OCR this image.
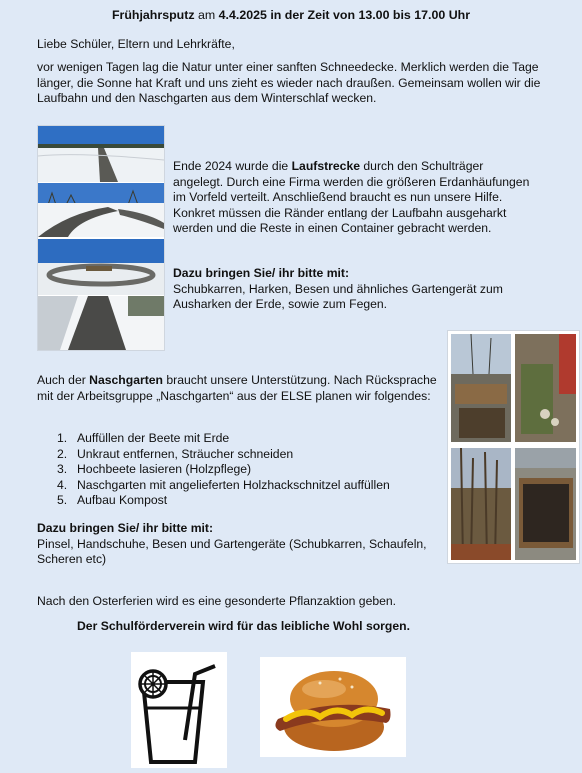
Frühjahrsputz am 4.4.2025 in der Zeit von 13.00 bis 17.00 Uhr
Liebe Schüler, Eltern und Lehrkräfte,
vor wenigen Tagen lag die Natur unter einer sanften Schneedecke. Merklich werden die Tage länger, die Sonne hat Kraft und uns zieht es wieder nach draußen. Gemeinsam wollen wir die Laufbahn und den Naschgarten aus dem Winterschlaf wecken.
Ende 2024 wurde die Laufstrecke durch den Schulträger angelegt. Durch eine Firma werden die größeren Erdanhäufungen im Vorfeld verteilt. Anschließend braucht es nun unsere Hilfe. Konkret müssen die Ränder entlang der Laufbahn ausgeharkt werden und die Reste in einen Container gebracht werden.
Dazu bringen Sie/ ihr bitte mit:
Schubkarren, Harken, Besen und ähnliches Gartengerät zum Ausharken der Erde, sowie zum Fegen.
Auch der Naschgarten braucht unsere Unterstützung. Nach Rücksprache mit der Arbeitsgruppe „Naschgarten“ aus der ELSE planen wir folgendes:
1. Auffüllen der Beete mit Erde
2. Unkraut entfernen, Sträucher schneiden
3. Hochbeete lasieren (Holzpflege)
4. Naschgarten mit angelieferten Holzhackschnitzel auffüllen
5. Aufbau Kompost
Dazu bringen Sie/ ihr bitte mit:
Pinsel, Handschuhe, Besen und Gartengeräte (Schubkarren, Schaufeln, Scheren etc)
Nach den Osterferien wird es eine gesonderte Pflanzaktion geben.
Der Schulförderverein wird für das leibliche Wohl sorgen.
